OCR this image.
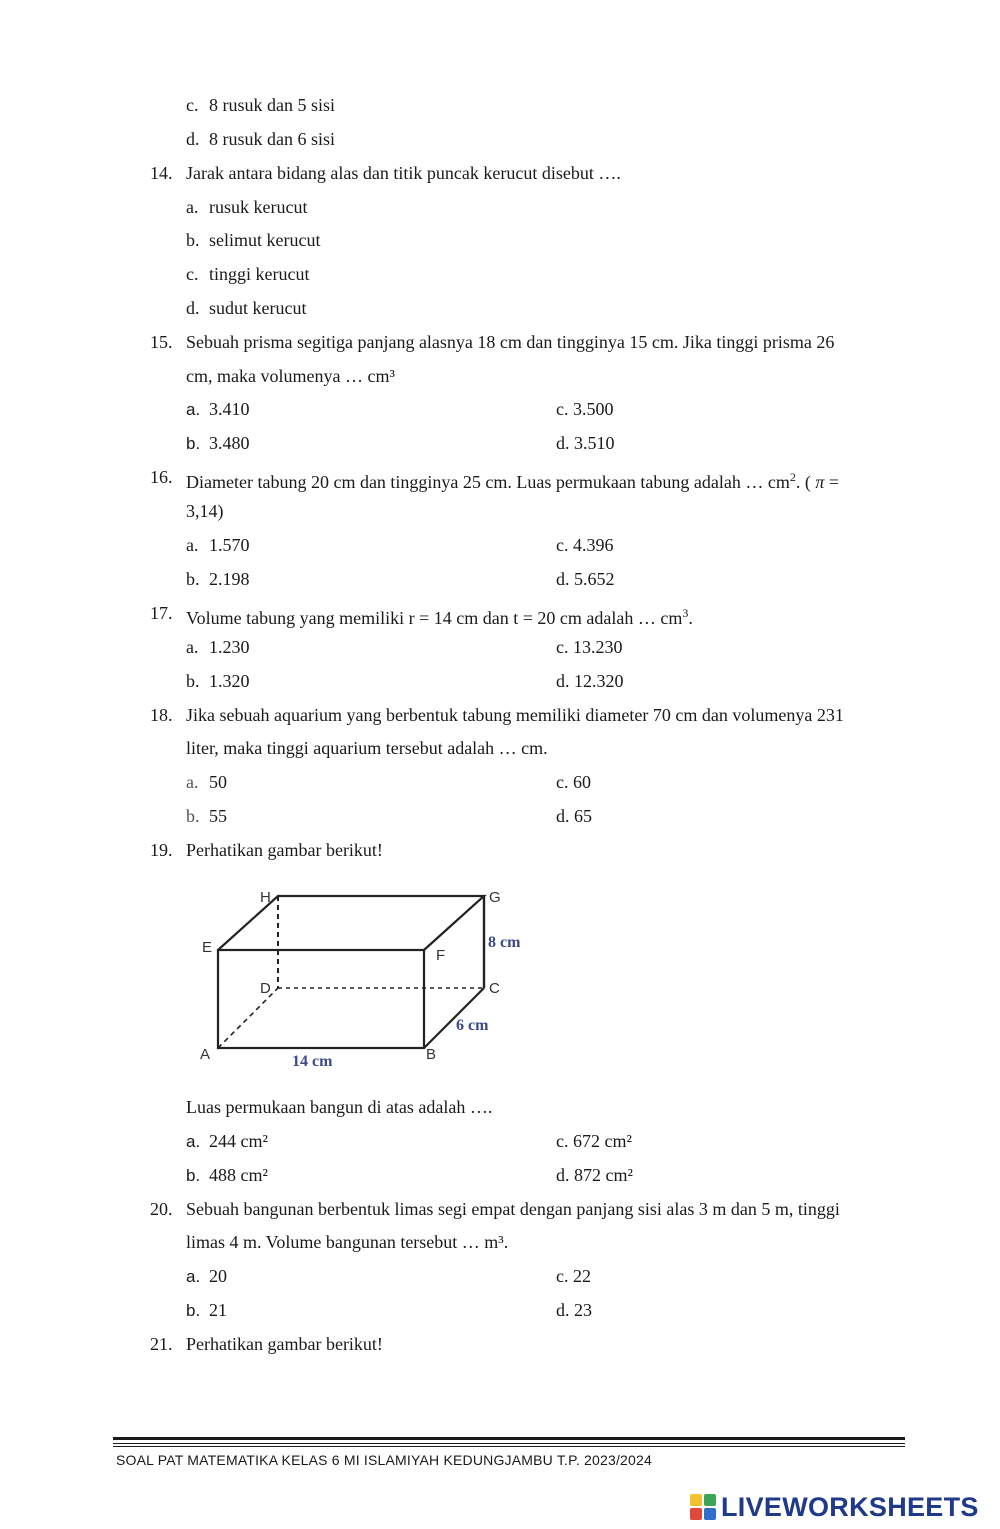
c. 8 rusuk dan 5 sisi
d. 8 rusuk dan 6 sisi
14. Jarak antara bidang alas dan titik puncak kerucut disebut ….
a. rusuk kerucut
b. selimut kerucut
c. tinggi kerucut
d. sudut kerucut
15. Sebuah prisma segitiga panjang alasnya 18 cm dan tingginya 15 cm. Jika tinggi prisma 26
cm, maka volumenya … cm³
a. 3.410	c. 3.500
b. 3.480	d. 3.510
16. Diameter tabung 20 cm dan tingginya 25 cm. Luas permukaan tabung adalah … $cm^2$. ( π =
3,14)
a. 1.570	c. 4.396
b. 2.198	d. 5.652
17. Volume tabung yang memiliki r = 14 cm dan t = 20 cm adalah … $cm^3$.
a. 1.230	c. 13.230
b. 1.320	d. 12.320
18. Jika sebuah aquarium yang berbentuk tabung memiliki diameter 70 cm dan volumenya 231
liter, maka tinggi aquarium tersebut adalah … cm.
a. 50	c. 60
b. 55	d. 65
19. Perhatikan gambar berikut!
E
H	G
F
D	C
A	B
8 cm
6 cm
14 cm
Luas permukaan bangun di atas adalah ….
a. 244 cm²	c. 672 cm²
b. 488 cm²	d. 872 cm²
20. Sebuah bangunan berbentuk limas segi empat dengan panjang sisi alas 3 m dan 5 m, tinggi
limas 4 m. Volume bangunan tersebut … m³.
a. 20	c. 22
b. 21	d. 23
21. Perhatikan gambar berikut!
SOAL PAT MATEMATIKA KELAS 6 MI ISLAMIYAH KEDUNGJAMBU T.P. 2023/2024
LIVEWORKSHEETS
